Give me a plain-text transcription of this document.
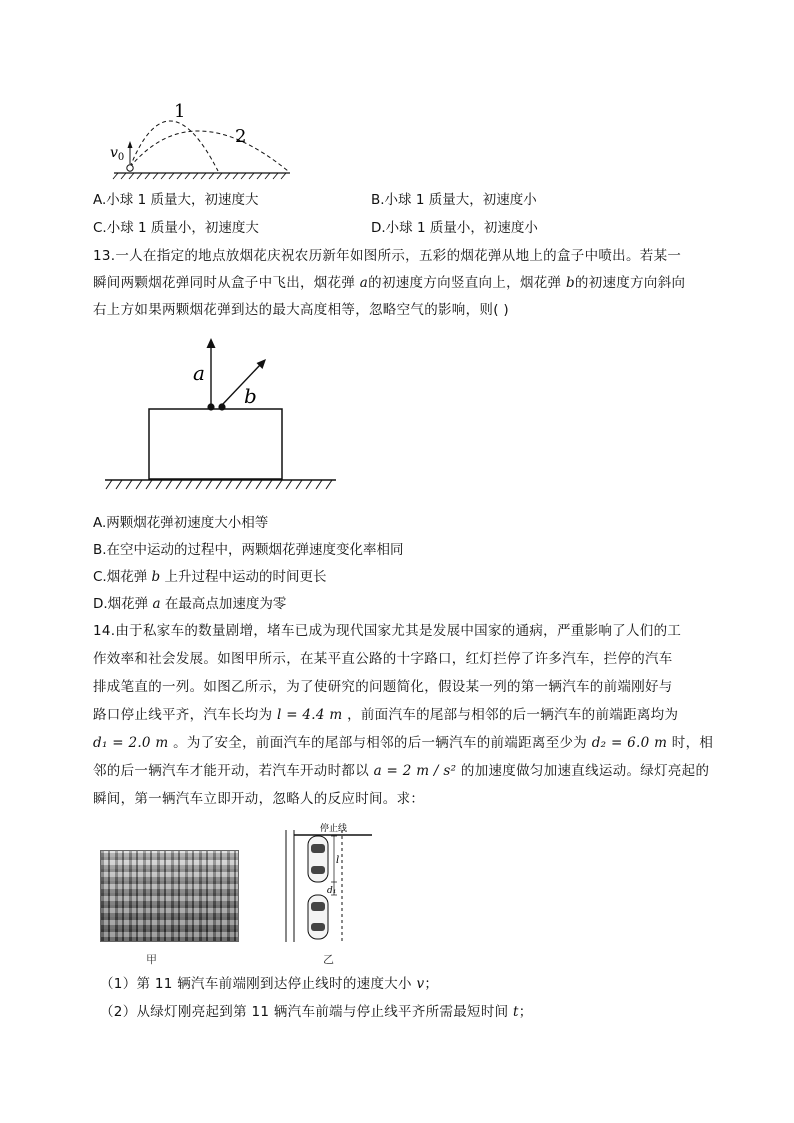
1
2
$v_0$
A.小球 1 质量大，初速度大	B.小球 1 质量大，初速度小
C.小球 1 质量小，初速度大	D.小球 1 质量小，初速度小
13.一人在指定的地点放烟花庆祝农历新年如图所示，五彩的烟花弹从地上的盒子中喷出。若某一
瞬间两颗烟花弹同时从盒子中飞出，烟花弹 a的初速度方向竖直向上，烟花弹 b的初速度方向斜向
右上方如果两颗烟花弹到达的最大高度相等，忽略空气的影响，则( )
a
b
A.两颗烟花弹初速度大小相等
B.在空中运动的过程中，两颗烟花弹速度变化率相同
C.烟花弹 b 上升过程中运动的时间更长
D.烟花弹 a 在最高点加速度为零
14.由于私家车的数量剧增，堵车已成为现代国家尤其是发展中国家的通病，严重影响了人们的工
作效率和社会发展。如图甲所示，在某平直公路的十字路口，红灯拦停了许多汽车，拦停的汽车
排成笔直的一列。如图乙所示，为了使研究的问题简化，假设某一列的第一辆汽车的前端刚好与
路口停止线平齐，汽车长均为 l = 4.4 m ，前面汽车的尾部与相邻的后一辆汽车的前端距离均为
d₁ = 2.0 m 。为了安全，前面汽车的尾部与相邻的后一辆汽车的前端距离至少为 d₂ = 6.0 m 时，相
邻的后一辆汽车才能开动，若汽车开动时都以 a = 2 m / s² 的加速度做匀加速直线运动。绿灯亮起的
瞬间，第一辆汽车立即开动，忽略人的反应时间。求：
甲
停止线
l
d₁
乙
（1）第 11 辆汽车前端刚到达停止线时的速度大小 v；
（2）从绿灯刚亮起到第 11 辆汽车前端与停止线平齐所需最短时间 t；
